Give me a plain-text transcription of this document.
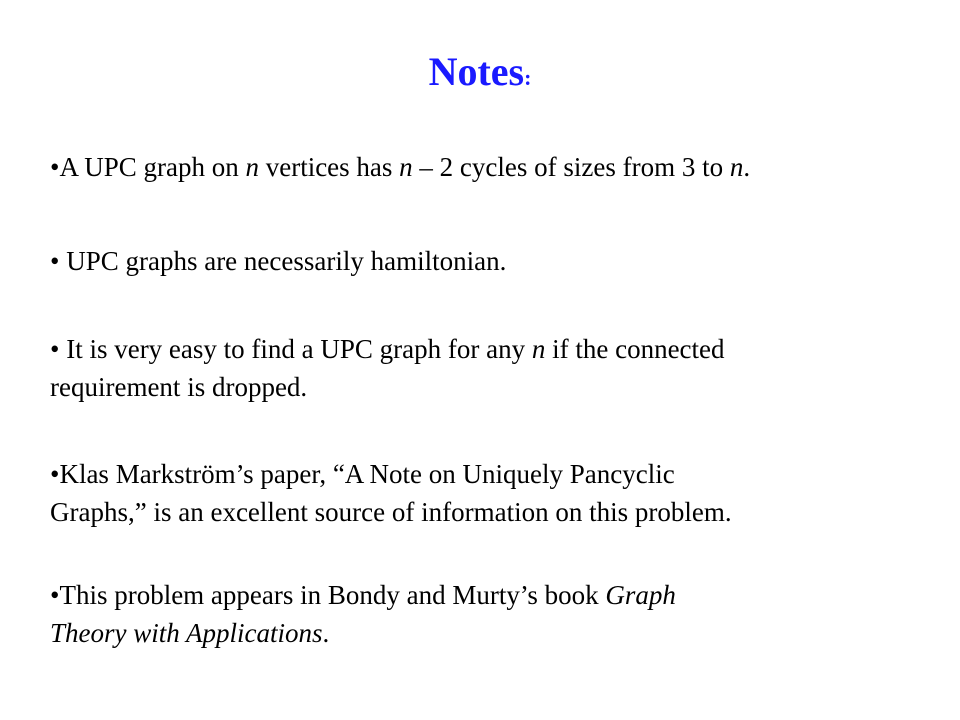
Notes:

•A UPC graph on n vertices has n – 2 cycles of sizes from 3 to n.

• UPC graphs are necessarily hamiltonian.

• It is very easy to find a UPC graph for any n if the connected
requirement is dropped.

•Klas Markström’s paper, “A Note on Uniquely Pancyclic
Graphs,” is an excellent source of information on this problem.

•This problem appears in Bondy and Murty’s book Graph
Theory with Applications.
